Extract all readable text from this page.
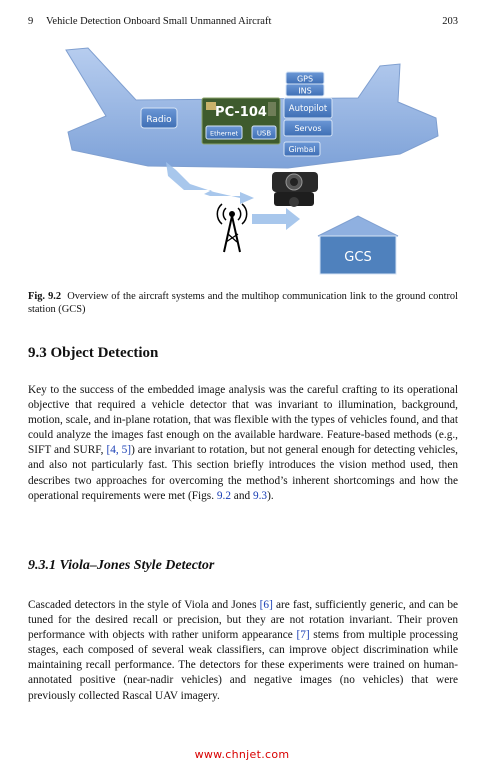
9 Vehicle Detection Onboard Small Unmanned Aircraft	203
Radio	PC-104
Ethernet	USB
GPS
INS
Autopilot
Servos
Gimbal
GCS
Fig. 9.2 Overview of the aircraft systems and the multihop communication link to the ground control station (GCS)
9.3 Object Detection

Key to the success of the embedded image analysis was the careful crafting to its operational objective that required a vehicle detector that was invariant to illumination, background, motion, scale, and in-plane rotation, that was flexible with the types of vehicles found, and that could analyze the images fast enough on the available hardware. Feature-based methods (e.g., SIFT and SURF, [4, 5]) are invariant to rotation, but not general enough for detecting vehicles, and also not particularly fast. This section briefly introduces the vision method used, then describes two approaches for overcoming the method’s inherent shortcomings and how the operational requirements were met (Figs. 9.2 and 9.3).

9.3.1 Viola–Jones Style Detector

Cascaded detectors in the style of Viola and Jones [6] are fast, sufficiently generic, and can be tuned for the desired recall or precision, but they are not rotation invariant. Their proven performance with objects with rather uniform appearance [7] stems from multiple processing stages, each composed of several weak classifiers, can improve object discrimination while maintaining recall performance. The detectors for these experiments were trained on human-annotated positive (near-nadir vehicles) and negative images (no vehicles) that were previously collected Rascal UAV imagery.

www.chnjet.com
